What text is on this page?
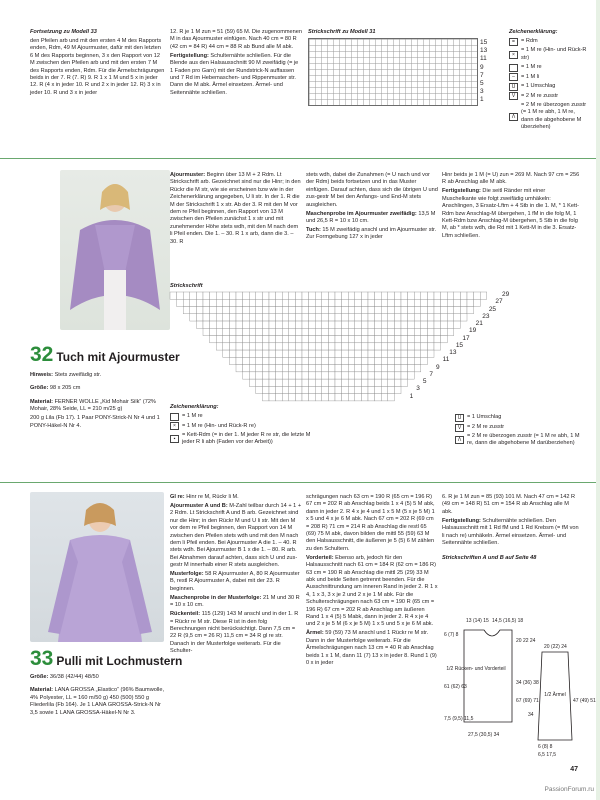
Fortsetzung zu Modell 33

den Pfeilen arb und mit den ersten 4 M des Rapports enden, Rdm, 49 M Ajourmuster, dafür mit den letzten 6 M des Rapports beginnen, 3 x den Rapport von 12 M zwischen den Pfeilen arb und mit den ersten 7 M des Rapports enden, Rdm. Für die Ärmelschrägungen beids in der 7. R (7. R) 9. R 1 x 1 M und 5 x in jeder 12. R (4 x in jeder 10. R und 2 x in jeder 12. R) 3 x in jeder 10. R und 3 x in jeder

12. R je 1 M zun = 51 (59) 65 M. Die zugenommenen M in das Ajourmuster einfügen. Nach 40 cm = 80 R (42 cm = 84 R) 44 cm = 88 R ab Bund alle M abk.

Fertigstellung: Schulternähte schließen. Für die Blende aus den Halsausschnitt 90 M zweifädig (= je 1 Faden pro Garn) mit der Rundstrick-N auffassen und 7 Rd im Hebemaschen- und Rippenmuster str. Dann die M abk. Ärmel einsetzen. Ärmel- und Seitennähte schließen.

Strickschrift zu Modell 31
15
13
11
9
7
5
3
1

Zeichenerklärung:

=	= Rdm
×
= 1 M re (Hin- und Rück-R str)
= 1 M re
–	= 1 M li
U	= 1 Umschlag
V	= 2 M re zusstr
Λ
= 2 M re überzogen zusstr (= 1 M re abh, 1 M re, dann die abgehobene M überziehen)
32 Tuch mit Ajourmuster

Hinweis: Stets zweifädig str.

Größe: 98 x 205 cm

Material: FERNER WOLLE „Kid Mohair Silk“ (72% Mohair, 28% Seide, LL = 210 m/25 g)

200 g Lila (Fb 17). 1 Paar PONY-Strick-N Nr 4 und 1 PONY-Häkel-N Nr 4.

Ajourmuster: Beginn über 13 M + 2 Rdm. Lt Strickschrift arb. Gezeichnet sind nur die Hinr; in den Rückr die M str, wie sie erscheinen bzw wie in der Zeichenerklärung angegeben, U li str. In der 1. R die M der Strickschrift 1 x str. Ab der 3. R mit den M vor dem re Pfeil beginnen, den Rapport von 13 M zwischen den Pfeilen zunächst 1 x str und mit zunehmender Höhe stets wdh, mit den M nach dem li Pfeil enden. Die 1. – 30. R 1 x arb, dann die 3. – 30. R

stets wdh, dabei die Zunahmen (= U nach und vor der Rdm) beids fortsetzen und in das Muster einfügen. Darauf achten, dass sich die übrigen U und zus-gestr M bei den Anfangs- und End-M stets ausgleichen.

Maschenprobe im Ajourmuster zweifädig: 13,5 M und 26,5 R = 10 x 10 cm.

Tuch: 15 M zweifädig anschl und im Ajourmuster str. Zur Formgebung 127 x in jeder

Hinr beids je 1 M (= U) zun = 269 M. Nach 97 cm = 256 R ab Anschlag alle M abk.

Fertigstellung: Die seitl Ränder mit einer Muschelkante wie folgt zweifädig umhäkeln: Anschlingen, 3 Ersatz-Lftm + 4 Stb in die 1. M, * 1 Kett-Rdm bzw Anschlag-M übergehen, 1 fM in die folg M, 1 Kett-Rdm bzw Anschlag-M übergehen, 5 Stb in die folg M, ab * stets wdh, die Rd mit 1 Kett-M in die 3. Ersatz-Lftm schließen.

Strickschrift
29
27
25
23
21
19
17
15
13
11
9
7
5
3
1

Zeichenerklärung:

= 1 M re
×	= 1 M re (Hin- und Rück-R re)
▪
= Kett-Rdm (= in der 1. M jeder R re str, die letzte M jeder R li abh (Faden vor der Arbeit))
U	= 1 Umschlag
V	= 2 M re zusstr
Λ
= 2 M re überzogen zusstr (= 1 M re abh, 1 M re, dann die abgehobene M darüberziehen)
33 Pulli mit Lochmustern

Größe: 36/38 (42/44) 48/50

Material: LANA GROSSA „Elastico“ (96% Baumwolle, 4% Polyester, LL = 160 m/50 g) 450 (500) 550 g Fliederlila (Fb 164). Je 1 LANA GROSSA-Strick-N Nr 3,5 sowie 1 LANA GROSSA-Häkel-N Nr 3.

Gl re: Hinr re M, Rückr li M.

Ajourmuster A und B: M-Zahl teilbar durch 14 + 1 + 2 Rdm. Lt Strickschrift A und B arb. Gezeichnet sind nur die Hinr; in den Rückr M und U li str. Mit den M vor dem re Pfeil beginnen, den Rapport von 14 M zwischen den Pfeilen stets wdh und mit den M nach dem li Pfeil enden. Bei Ajourmuster A die 1. – 40. R stets wdh. Bei Ajourmuster B 1 x die 1. – 80. R arb. Bei Abnahmen darauf achten, dass sich U und zus-gestr M innerhalb einer R stets ausgleichen.

Musterfolge: 58 R Ajourmuster A, 80 R Ajourmuster B, restl R Ajourmuster A, dabei mit der 23. R beginnen.

Maschenprobe in der Musterfolge: 21 M und 30 R = 10 x 10 cm.

Rückenteil: 115 (129) 143 M anschl und in der 1. R = Rückr re M str. Diese R ist in den folg Berechnungen nicht berücksichtigt. Dann 7,5 cm = 22 R (9,5 cm = 26 R) 11,5 cm = 34 R gl re str. Danach in der Musterfolge weiterarb. Für die Schulter-

schrägungen nach 63 cm = 190 R (65 cm = 196 R) 67 cm = 202 R ab Anschlag beids 1 x 4 (5) 5 M abk, dann in jeder 2. R 4 x je 4 und 1 x 5 M (5 x je 5 M) 1 x 5 und 4 x je 6 M abk. Nach 67 cm = 202 R (69 cm = 208 R) 71 cm = 214 R ab Anschlag die restl 65 (69) 75 M abk, davon bilden die mittl 55 (59) 63 M den Halsausschnitt, die äußeren je 5 (5) 6 M zählen zu den Schultern.

Vorderteil: Ebenso arb, jedoch für den Halsausschnitt nach 61 cm = 184 R (62 cm = 186 R) 63 cm = 190 R ab Anschlag die mittl 25 (29) 33 M abk und beide Seiten getrennt beenden. Für die Ausschnittrundung am inneren Rand in jeder 2. R 1 x 4, 1 x 3, 3 x je 2 und 2 x je 1 M abk. Für die Schulterschrägungen nach 63 cm = 190 R (65 cm = 196 R) 67 cm = 202 R ab Anschlag am äußeren Rand 1 x 4 (5) 5 Mabk, dann in jeder 2. R 4 x je 4 und 2 x je 5 M (6 x je 5 M) 1 x 5 und 5 x je 6 M abk.

Ärmel: 59 (59) 73 M anschl und 1 Rückr re M str. Dann in der Musterfolge weiterarb. Für die Ärmelschrägungen nach 13 cm = 40 R ab Anschlag beids 1 x 1 M, dann 11 (7) 13 x in jeder 8. Rund 1 (9) 0 x in jeder

6. R je 1 M zun = 85 (93) 101 M. Nach 47 cm = 142 R (49 cm = 148 R) 51 cm = 154 R ab Anschlag alle M abk.

Fertigstellung: Schulternähte schließen. Den Halsausschnitt mit 1 Rd fM und 1 Rd Krebsm (= fM von li nach re) umhäkeln. Ärmel einsetzen. Ärmel- und Seitennähte schließen.

Strickschriften A und B auf Seite 48

1/2 Rücken- und Vorderteil
1/2 Ärmel
13 (14) 15 14,5 (16,5) 18
6 (7) 8
20 22 24
20 (22) 24
61 (62) 63
34 (36) 38
67 (69) 71	47 (49) 51
34
7,5 (9,5) 11,5
27,5 (30,5) 34
6 (8) 8
6,5 17,5
47
PassionForum.ru
